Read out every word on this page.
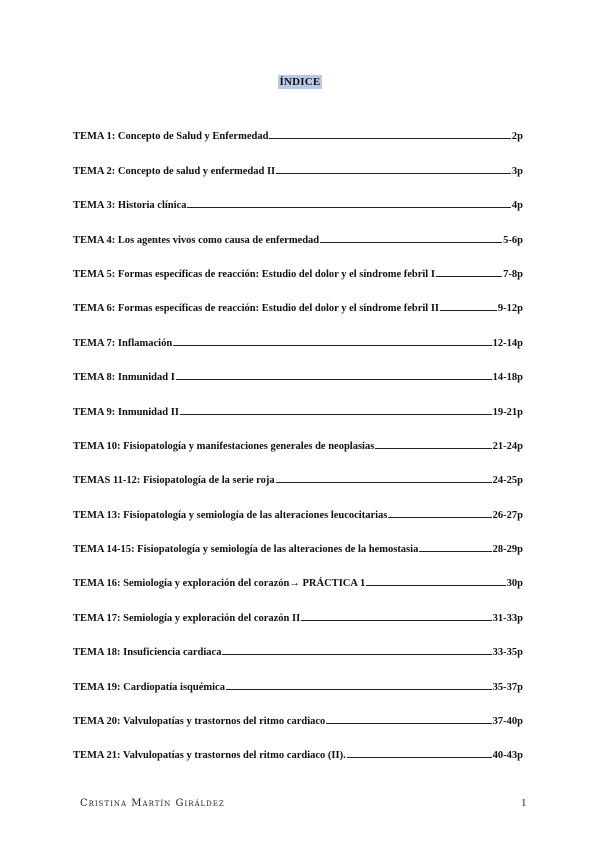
ÍNDICE
TEMA 1: Concepto de Salud y Enfermedad	2p
TEMA 2: Concepto de salud y enfermedad II	3p
TEMA 3: Historia clínica	4p
TEMA 4: Los agentes vivos como causa de enfermedad	5-6p
TEMA 5: Formas específicas de reacción: Estudio del dolor y el síndrome febril I	7-8p
TEMA 6: Formas específicas de reacción: Estudio del dolor y el síndrome febril II	9-12p
TEMA 7: Inflamación	12-14p
TEMA 8: Inmunidad I	14-18p
TEMA 9: Inmunidad II	19-21p
TEMA 10: Fisiopatología y manifestaciones generales de neoplasias	21-24p
TEMAS 11-12: Fisiopatología de la serie roja	24-25p
TEMA 13: Fisiopatología y semiología de las alteraciones leucocitarias	26-27p
TEMA 14-15: Fisiopatología y semiología de las alteraciones de la hemostasia	28-29p
TEMA 16: Semiología y exploración del corazón→ PRÁCTICA 1	30p
TEMA 17: Semiología y exploración del corazón II	31-33p
TEMA 18: Insuficiencia cardiaca	33-35p
TEMA 19: Cardiopatía isquémica	35-37p
TEMA 20: Valvulopatías y trastornos del ritmo cardiaco	37-40p
TEMA 21: Valvulopatías y trastornos del ritmo cardiaco (II).	40-43p
Cristina Martín Giráldez	1
